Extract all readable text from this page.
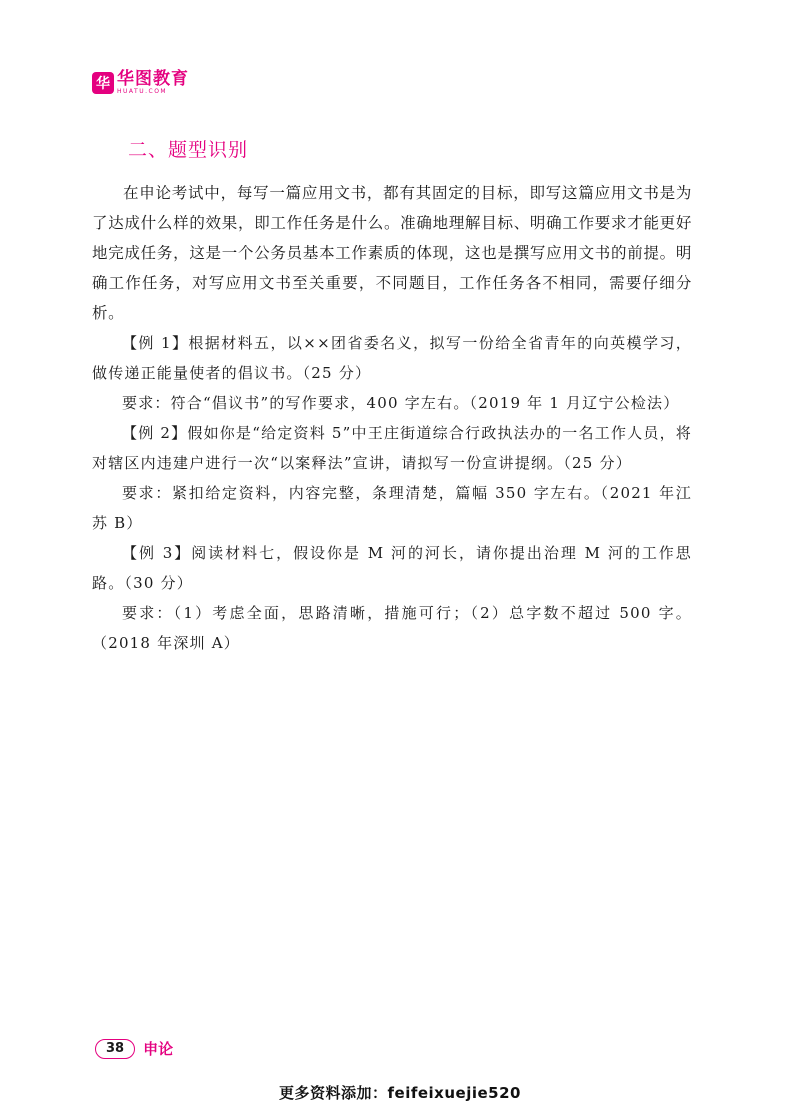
华 华图教育
HUATU.COM
二、题型识别

在申论考试中，每写一篇应用文书，都有其固定的目标，即写这篇应用文书是为了达成什么样的效果，即工作任务是什么。准确地理解目标、明确工作要求才能更好地完成任务，这是一个公务员基本工作素质的体现，这也是撰写应用文书的前提。明确工作任务，对写应用文书至关重要，不同题目，工作任务各不相同，需要仔细分析。

【例 1】根据材料五，以××团省委名义，拟写一份给全省青年的向英模学习，做传递正能量使者的倡议书。（25 分）

要求：符合“倡议书”的写作要求，400 字左右。（2019 年 1 月辽宁公检法）

【例 2】假如你是“给定资料 5”中王庄街道综合行政执法办的一名工作人员，将对辖区内违建户进行一次“以案释法”宣讲，请拟写一份宣讲提纲。（25 分）

要求：紧扣给定资料，内容完整，条理清楚，篇幅 350 字左右。（2021 年江苏 B）

【例 3】阅读材料七，假设你是 M 河的河长，请你提出治理 M 河的工作思路。（30 分）

要求：（1）考虑全面，思路清晰，措施可行；（2）总字数不超过 500 字。（2018 年深圳 A）

38	申论
更多资料添加：feifeixuejie520
